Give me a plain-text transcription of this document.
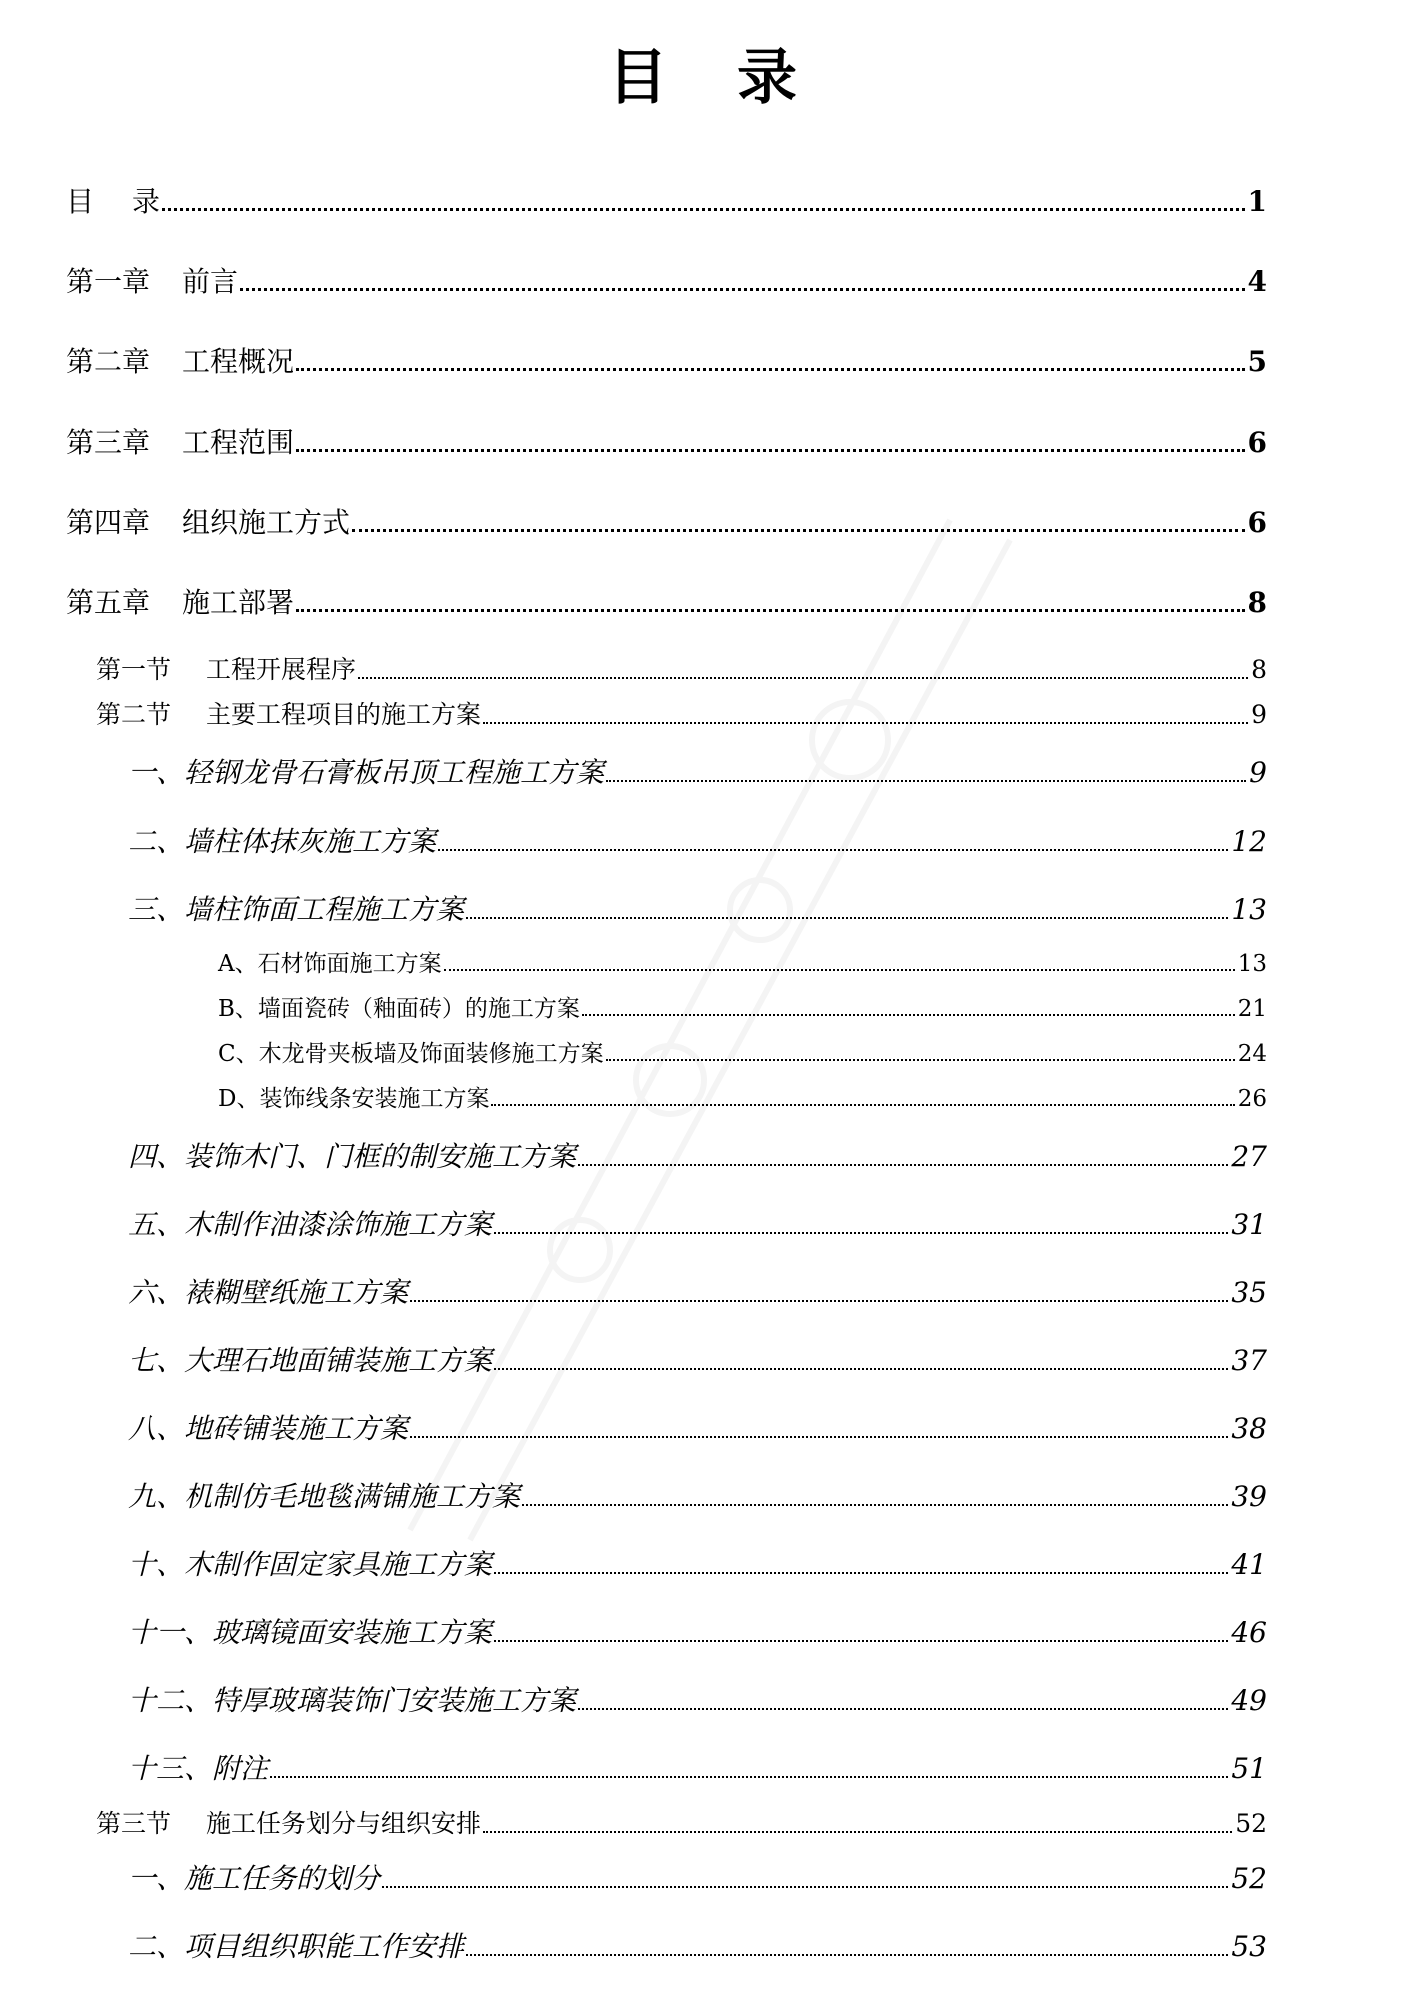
目 录
目 录	1
第一章	前言	4
第二章	工程概况	5
第三章	工程范围	6
第四章	组织施工方式	6
第五章	施工部署	8
第一节	工程开展程序	8
第二节	主要工程项目的施工方案	9
一、 轻钢龙骨石膏板吊顶工程施工方案	9
二、 墙柱体抹灰施工方案	12
三、 墙柱饰面工程施工方案	13
A、 石材饰面施工方案	13
B、 墙面瓷砖（釉面砖）的施工方案	21
C、 木龙骨夹板墙及饰面装修施工方案	24
D、 装饰线条安装施工方案	26
四、 装饰木门、门框的制安施工方案	27
五、 木制作油漆涂饰施工方案	31
六、 裱糊壁纸施工方案	35
七、 大理石地面铺装施工方案	37
八、 地砖铺装施工方案	38
九、 机制仿毛地毯满铺施工方案	39
十、 木制作固定家具施工方案	41
十一、 玻璃镜面安装施工方案	46
十二、 特厚玻璃装饰门安装施工方案	49
十三、 附注	51
第三节	施工任务划分与组织安排	52
一、 施工任务的划分	52
二、 项目组织职能工作安排	53
